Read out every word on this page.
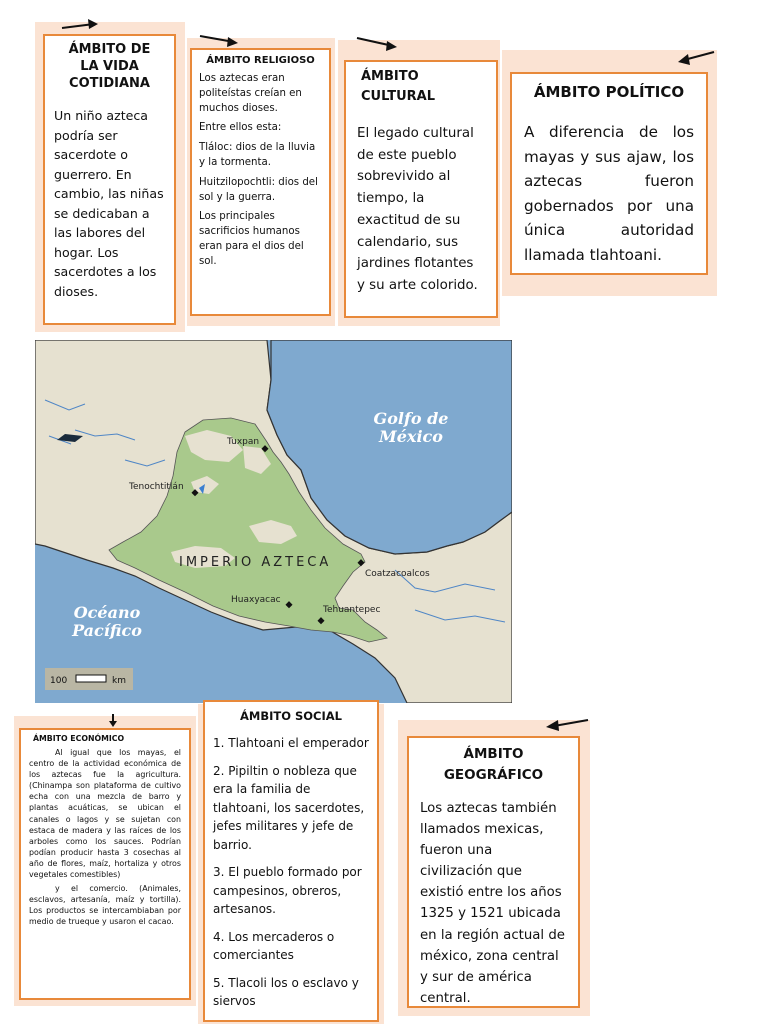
ÁMBITO DE LA VIDA COTIDIANA

Un niño azteca podría ser sacerdote o guerrero. En cambio, las niñas se dedicaban a las labores del hogar. Los sacerdotes a los dioses.

ÁMBITO RELIGIOSO

Los aztecas eran politeístas creían en muchos dioses.

Entre ellos esta:

Tláloc: dios de la lluvia y la tormenta.

Huitzilopochtli: dios del sol y la guerra.

Los principales sacrificios humanos eran para el dios del sol.

ÁMBITO CULTURAL

El legado cultural de este pueblo sobrevivido al tiempo, la exactitud de su calendario, sus jardines flotantes y su arte colorido.

ÁMBITO POLÍTICO

A diferencia de los mayas y sus ajaw, los aztecas fueron gobernados por una única autoridad llamada tlahtoani.

Golfo de
México
Océano
Pacífico
IMPERIO AZTECA
Tuxpan
Tenochtitlán
Coatzacoalcos
Huaxyacac
Tehuantepec
100	km
ÁMBITO ECONÓMICO

Al igual que los mayas, el centro de la actividad económica de los aztecas fue la agricultura. (Chinampa son plataforma de cultivo echa con una mezcla de barro y plantas acuáticas, se ubican el canales o lagos y se sujetan con estaca de madera y las raíces de los arboles como los sauces. Podrían podían producir hasta 3 cosechas al año de flores, maíz, hortaliza y otros vegetales comestibles)

y el comercio. (Animales, esclavos, artesanía, maíz y tortilla). Los productos se intercambiaban por medio de trueque y usaron el cacao.

ÁMBITO SOCIAL

1. Tlahtoani el emperador

2. Pipiltin o nobleza que era la familia de tlahtoani, los sacerdotes, jefes militares y jefe de barrio.

3. El pueblo formado por campesinos, obreros, artesanos.

4. Los mercaderos o comerciantes

5. Tlacoli los o esclavo y siervos

ÁMBITO GEOGRÁFICO

Los aztecas también llamados mexicas, fueron una civilización que existió entre los años 1325 y 1521 ubicada en la región actual de méxico, zona central y sur de américa central.
